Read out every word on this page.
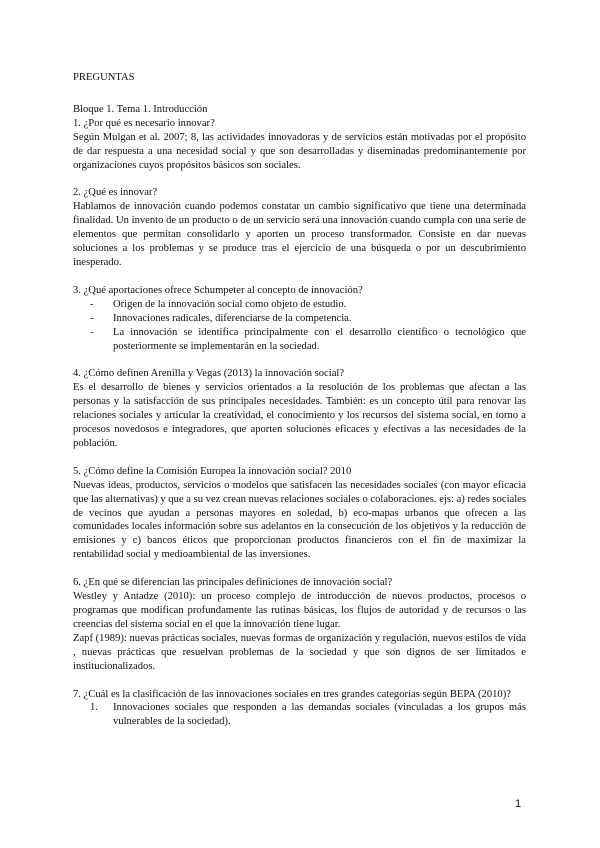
PREGUNTAS

Bloque 1. Tema 1. Introducción
1. ¿Por qué es necesario innovar?

Según Mulgan et al. 2007; 8, las actividades innovadoras y de servicios están motivadas por el propósito de dar respuesta a una necesidad social y que son desarrolladas y diseminadas predominantemente por organizaciones cuyos propósitos básicos son sociales.

2. ¿Qué es innovar?

Hablamos de innovación cuando podemos constatar un cambio significativo que tiene una determinada finalidad. Un invento de un producto o de un servicio será una innovación cuando cumpla con una serie de elementos que permitan consolidarlo y aporten un proceso transformador. Consiste en dar nuevas soluciones a los problemas y se produce tras el ejercicio de una búsqueda o por un descubrimiento inesperado.

3. ¿Qué aportaciones ofrece Schumpeter al concepto de innovación?
- Origen de la innovación social como objeto de estudio.
- Innovaciones radicales, diferenciarse de la competencia.
- La innovación se identifica principalmente con el desarrollo científico o tecnológico que posteriormente se implementarán en la sociedad.
4. ¿Cómo definen Arenilla y Vegas (2013) la innovación social?

Es el desarrollo de bienes y servicios orientados a la resolución de los problemas que afectan a las personas y la satisfacción de sus principales necesidades. También: es un concepto útil para renovar las relaciones sociales y articular la creatividad, el conocimiento y los recursos del sistema social, en torno a procesos novedosos e integradores, que aporten soluciones eficaces y efectivas a las necesidades de la población.

5. ¿Cómo define la Comisión Europea la innovación social? 2010

Nuevas ideas, productos, servicios o modelos que satisfacen las necesidades sociales (con mayor eficacia que las alternativas) y que a su vez crean nuevas relaciones sociales o colaboraciones. ejs: a) redes sociales de vecinos que ayudan a personas mayores en soledad, b) eco-mapas urbanos que ofrecen a las comunidades locales información sobre sus adelantos en la consecución de los objetivos y la reducción de emisiones y c) bancos éticos que proporcionan productos financieros con el fin de maximizar la rentabilidad social y medioambiental de las inversiones.

6. ¿En qué se diferencian las principales definiciones de innovación social?

Westley y Antadze (2010): un proceso complejo de introducción de nuevos productos, procesos o programas que modifican profundamente las rutinas básicas, los flujos de autoridad y de recursos o las creencias del sistema social en el que la innovación tiene lugar.

Zapf (1989): nuevas prácticas sociales, nuevas formas de organización y regulación, nuevos estilos de vida , nuevas prácticas que resuelvan problemas de la sociedad y que son dignos de ser limitados e institucionalizados.

7. ¿Cuál es la clasificación de las innovaciones sociales en tres grandes categorías según BEPA (2010)?
1. Innovaciones sociales que responden a las demandas sociales (vinculadas a los grupos más vulnerables de la sociedad).
1
